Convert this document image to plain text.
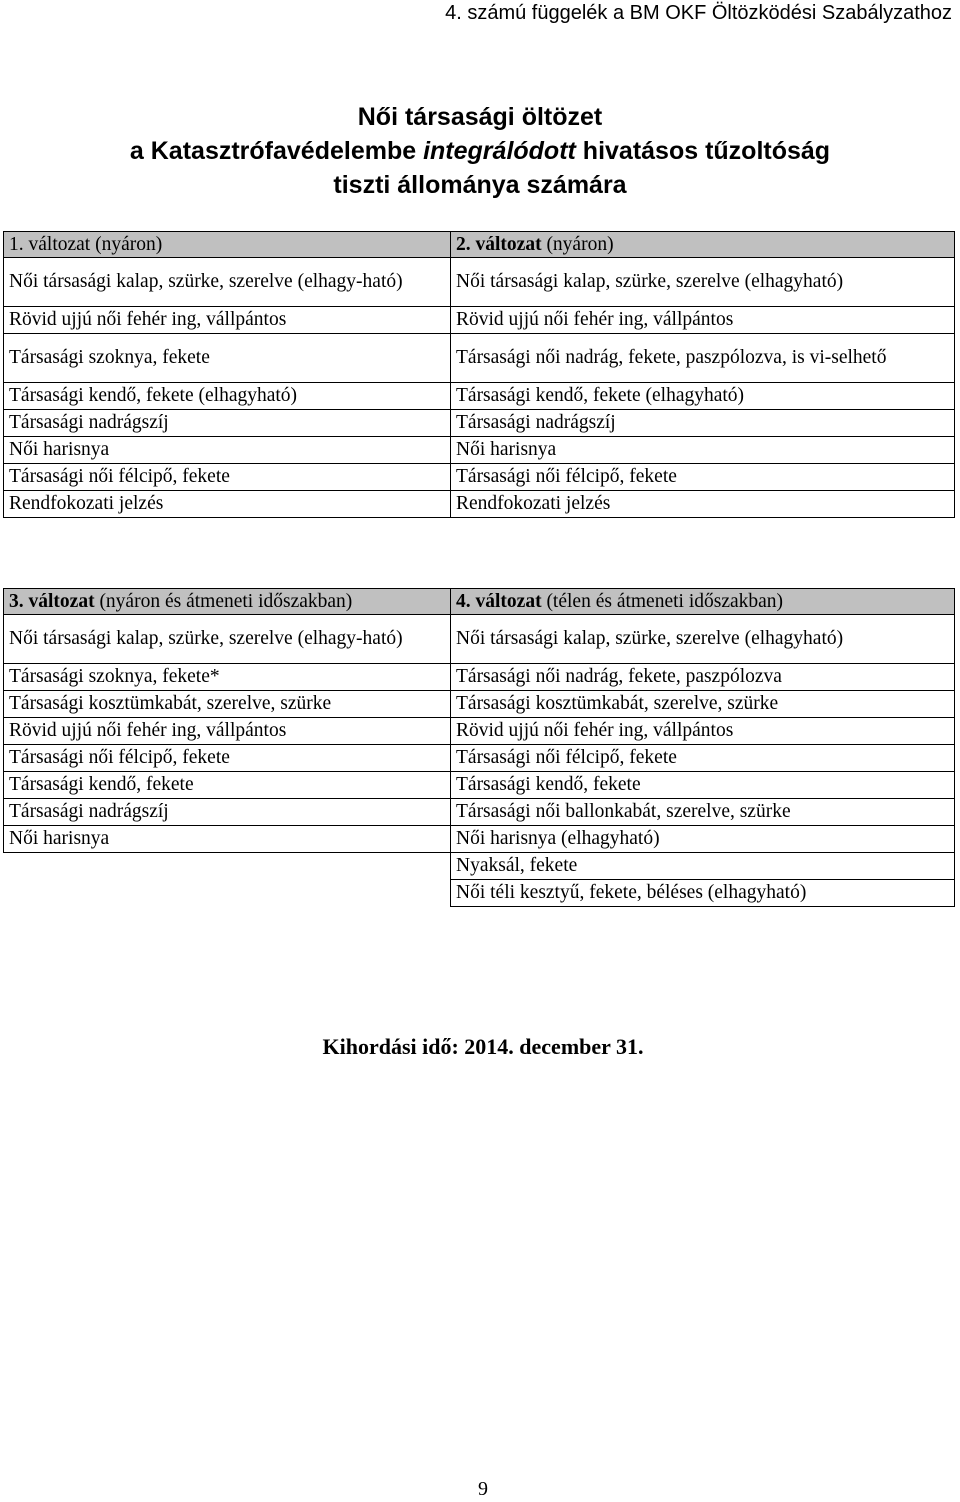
4. számú függelék a BM OKF Öltözködési Szabályzathoz
Női társasági öltözet
a Katasztrófavédelembe integrálódott hivatásos tűzoltóság
tiszti állománya számára
1. változat (nyáron)	2. változat (nyáron)
Női társasági kalap, szürke, szerelve (elhagy-ható)	Női társasági kalap, szürke, szerelve (elhagyható)
Rövid ujjú női fehér ing, vállpántos	Rövid ujjú női fehér ing, vállpántos
Társasági szoknya, fekete	Társasági női nadrág, fekete, paszpólozva, is vi-selhető
Társasági kendő, fekete (elhagyható)	Társasági kendő, fekete (elhagyható)
Társasági nadrágszíj	Társasági nadrágszíj
Női harisnya	Női harisnya
Társasági női félcipő, fekete	Társasági női félcipő, fekete
Rendfokozati jelzés	Rendfokozati jelzés
3. változat (nyáron és átmeneti időszakban)	4. változat (télen és átmeneti időszakban)
Női társasági kalap, szürke, szerelve (elhagy-ható)	Női társasági kalap, szürke, szerelve (elhagyható)
Társasági szoknya, fekete*	Társasági női nadrág, fekete, paszpólozva
Társasági kosztümkabát, szerelve, szürke	Társasági kosztümkabát, szerelve, szürke
Rövid ujjú női fehér ing, vállpántos	Rövid ujjú női fehér ing, vállpántos
Társasági női félcipő, fekete	Társasági női félcipő, fekete
Társasági kendő, fekete	Társasági kendő, fekete
Társasági nadrágszíj	Társasági női ballonkabát, szerelve, szürke
Női harisnya	Női harisnya (elhagyható)
	Nyaksál, fekete
	Női téli kesztyű, fekete, béléses (elhagyható)
Kihordási idő: 2014. december 31.
9
